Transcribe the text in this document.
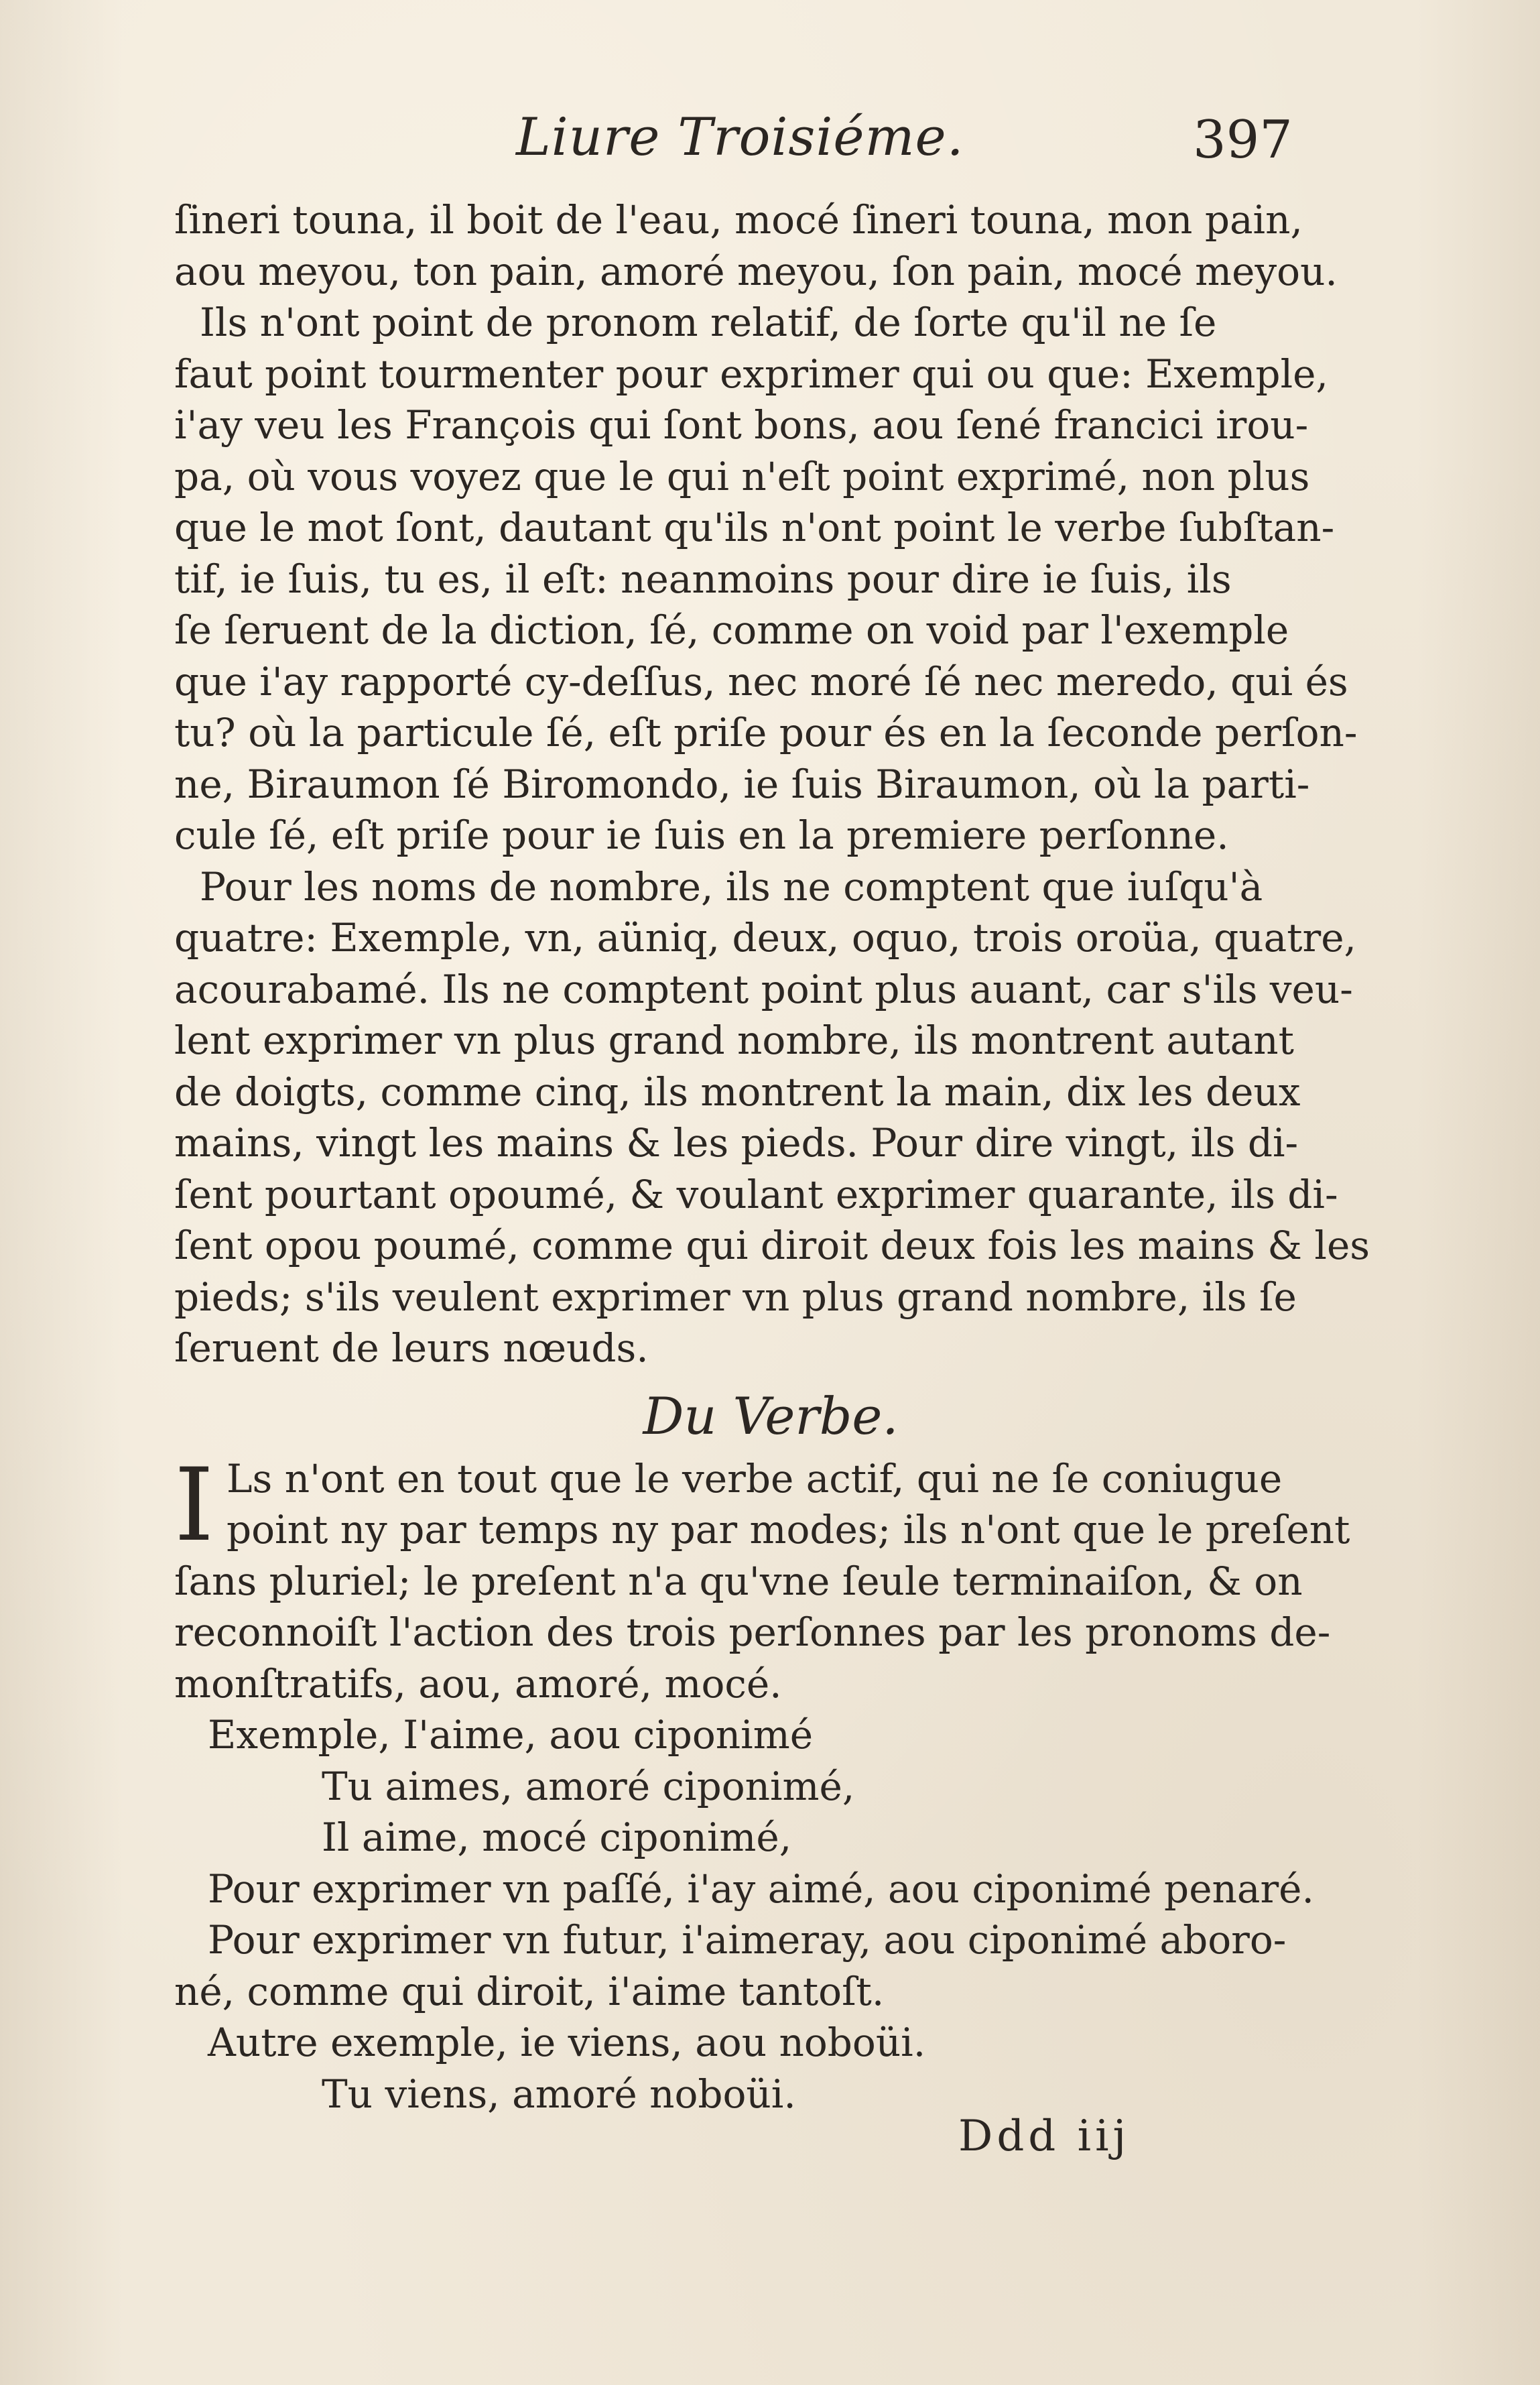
Liure Troisiéme.	397
ſineri touna, il boit de l'eau, mocé ſineri touna, mon pain,
aou meyou, ton pain, amoré meyou, ſon pain, mocé meyou.
Ils n'ont point de pronom relatif, de ſorte qu'il ne ſe
faut point tourmenter pour exprimer qui ou que: Exemple,
i'ay veu les François qui ſont bons, aou ſené francici irou-
pa, où vous voyez que le qui n'eſt point exprimé, non plus
que le mot ſont, dautant qu'ils n'ont point le verbe ſubſtan-
tif, ie ſuis, tu es, il eſt: neanmoins pour dire ie ſuis, ils
ſe ſeruent de la diction, ſé, comme on void par l'exemple
que i'ay rapporté cy-deſſus, nec moré ſé nec meredo, qui és
tu? où la particule ſé, eſt priſe pour és en la ſeconde perſon-
ne, Biraumon ſé Biromondo, ie ſuis Biraumon, où la parti-
cule ſé, eſt priſe pour ie ſuis en la premiere perſonne.
Pour les noms de nombre, ils ne comptent que iuſqu'à
quatre: Exemple, vn, aüniq, deux, oquo, trois oroüa, quatre,
acourabamé. Ils ne comptent point plus auant, car s'ils veu-
lent exprimer vn plus grand nombre, ils montrent autant
de doigts, comme cinq, ils montrent la main, dix les deux
mains, vingt les mains & les pieds. Pour dire vingt, ils di-
ſent pourtant opoumé, & voulant exprimer quarante, ils di-
ſent opou poumé, comme qui diroit deux fois les mains & les
pieds; s'ils veulent exprimer vn plus grand nombre, ils ſe
ſeruent de leurs nœuds.
Du Verbe.
I Ls n'ont en tout que le verbe actif, qui ne ſe coniugue
point ny par temps ny par modes; ils n'ont que le preſent
ſans pluriel; le preſent n'a qu'vne ſeule terminaiſon, & on
reconnoiſt l'action des trois perſonnes par les pronoms de-
monſtratifs, aou, amoré, mocé.
Exemple, I'aime, aou ciponimé
Tu aimes, amoré ciponimé,
Il aime, mocé ciponimé,
Pour exprimer vn paſſé, i'ay aimé, aou ciponimé penaré.
Pour exprimer vn futur, i'aimeray, aou ciponimé aboro-
né, comme qui diroit, i'aime tantoſt.
Autre exemple, ie viens, aou noboüi.
Tu viens, amoré noboüi.
Ddd iij
